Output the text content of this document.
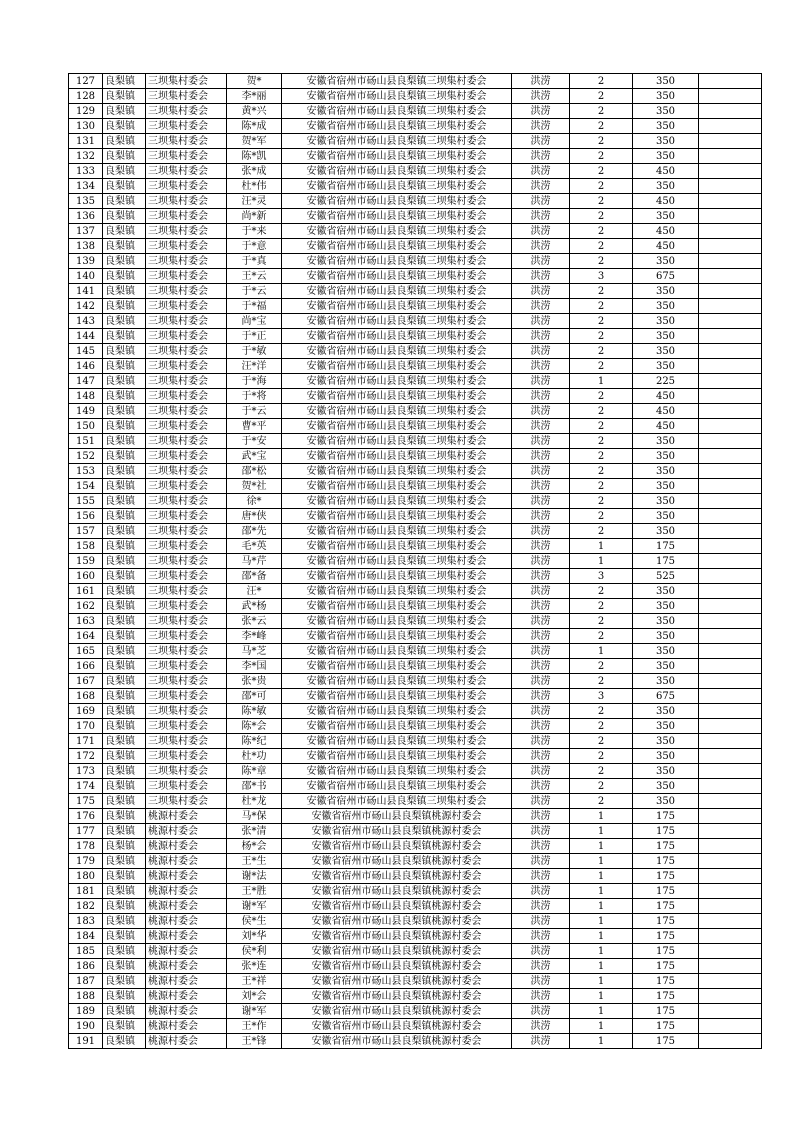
127	良梨镇	三坝集村委会	贺*	安徽省宿州市砀山县良梨镇三坝集村委会	洪涝	2	350	
128	良梨镇	三坝集村委会	李*丽	安徽省宿州市砀山县良梨镇三坝集村委会	洪涝	2	350	
129	良梨镇	三坝集村委会	黄*兴	安徽省宿州市砀山县良梨镇三坝集村委会	洪涝	2	350	
130	良梨镇	三坝集村委会	陈*成	安徽省宿州市砀山县良梨镇三坝集村委会	洪涝	2	350	
131	良梨镇	三坝集村委会	贺*军	安徽省宿州市砀山县良梨镇三坝集村委会	洪涝	2	350	
132	良梨镇	三坝集村委会	陈*凯	安徽省宿州市砀山县良梨镇三坝集村委会	洪涝	2	350	
133	良梨镇	三坝集村委会	张*成	安徽省宿州市砀山县良梨镇三坝集村委会	洪涝	2	450	
134	良梨镇	三坝集村委会	杜*伟	安徽省宿州市砀山县良梨镇三坝集村委会	洪涝	2	350	
135	良梨镇	三坝集村委会	汪*灵	安徽省宿州市砀山县良梨镇三坝集村委会	洪涝	2	450	
136	良梨镇	三坝集村委会	尚*新	安徽省宿州市砀山县良梨镇三坝集村委会	洪涝	2	350	
137	良梨镇	三坝集村委会	于*来	安徽省宿州市砀山县良梨镇三坝集村委会	洪涝	2	450	
138	良梨镇	三坝集村委会	于*意	安徽省宿州市砀山县良梨镇三坝集村委会	洪涝	2	450	
139	良梨镇	三坝集村委会	于*真	安徽省宿州市砀山县良梨镇三坝集村委会	洪涝	2	350	
140	良梨镇	三坝集村委会	王*云	安徽省宿州市砀山县良梨镇三坝集村委会	洪涝	3	675	
141	良梨镇	三坝集村委会	于*云	安徽省宿州市砀山县良梨镇三坝集村委会	洪涝	2	350	
142	良梨镇	三坝集村委会	于*福	安徽省宿州市砀山县良梨镇三坝集村委会	洪涝	2	350	
143	良梨镇	三坝集村委会	尚*宝	安徽省宿州市砀山县良梨镇三坝集村委会	洪涝	2	350	
144	良梨镇	三坝集村委会	于*正	安徽省宿州市砀山县良梨镇三坝集村委会	洪涝	2	350	
145	良梨镇	三坝集村委会	于*敏	安徽省宿州市砀山县良梨镇三坝集村委会	洪涝	2	350	
146	良梨镇	三坝集村委会	汪*洋	安徽省宿州市砀山县良梨镇三坝集村委会	洪涝	2	350	
147	良梨镇	三坝集村委会	于*海	安徽省宿州市砀山县良梨镇三坝集村委会	洪涝	1	225	
148	良梨镇	三坝集村委会	于*将	安徽省宿州市砀山县良梨镇三坝集村委会	洪涝	2	450	
149	良梨镇	三坝集村委会	于*云	安徽省宿州市砀山县良梨镇三坝集村委会	洪涝	2	450	
150	良梨镇	三坝集村委会	曹*平	安徽省宿州市砀山县良梨镇三坝集村委会	洪涝	2	450	
151	良梨镇	三坝集村委会	于*安	安徽省宿州市砀山县良梨镇三坝集村委会	洪涝	2	350	
152	良梨镇	三坝集村委会	武*宝	安徽省宿州市砀山县良梨镇三坝集村委会	洪涝	2	350	
153	良梨镇	三坝集村委会	邵*松	安徽省宿州市砀山县良梨镇三坝集村委会	洪涝	2	350	
154	良梨镇	三坝集村委会	贺*社	安徽省宿州市砀山县良梨镇三坝集村委会	洪涝	2	350	
155	良梨镇	三坝集村委会	徐*	安徽省宿州市砀山县良梨镇三坝集村委会	洪涝	2	350	
156	良梨镇	三坝集村委会	唐*侠	安徽省宿州市砀山县良梨镇三坝集村委会	洪涝	2	350	
157	良梨镇	三坝集村委会	邵*先	安徽省宿州市砀山县良梨镇三坝集村委会	洪涝	2	350	
158	良梨镇	三坝集村委会	毛*英	安徽省宿州市砀山县良梨镇三坝集村委会	洪涝	1	175	
159	良梨镇	三坝集村委会	马*芹	安徽省宿州市砀山县良梨镇三坝集村委会	洪涝	1	175	
160	良梨镇	三坝集村委会	邵*备	安徽省宿州市砀山县良梨镇三坝集村委会	洪涝	3	525	
161	良梨镇	三坝集村委会	汪*	安徽省宿州市砀山县良梨镇三坝集村委会	洪涝	2	350	
162	良梨镇	三坝集村委会	武*杨	安徽省宿州市砀山县良梨镇三坝集村委会	洪涝	2	350	
163	良梨镇	三坝集村委会	张*云	安徽省宿州市砀山县良梨镇三坝集村委会	洪涝	2	350	
164	良梨镇	三坝集村委会	李*峰	安徽省宿州市砀山县良梨镇三坝集村委会	洪涝	2	350	
165	良梨镇	三坝集村委会	马*芝	安徽省宿州市砀山县良梨镇三坝集村委会	洪涝	1	350	
166	良梨镇	三坝集村委会	李*国	安徽省宿州市砀山县良梨镇三坝集村委会	洪涝	2	350	
167	良梨镇	三坝集村委会	张*贵	安徽省宿州市砀山县良梨镇三坝集村委会	洪涝	2	350	
168	良梨镇	三坝集村委会	邵*可	安徽省宿州市砀山县良梨镇三坝集村委会	洪涝	3	675	
169	良梨镇	三坝集村委会	陈*敏	安徽省宿州市砀山县良梨镇三坝集村委会	洪涝	2	350	
170	良梨镇	三坝集村委会	陈*会	安徽省宿州市砀山县良梨镇三坝集村委会	洪涝	2	350	
171	良梨镇	三坝集村委会	陈*纪	安徽省宿州市砀山县良梨镇三坝集村委会	洪涝	2	350	
172	良梨镇	三坝集村委会	杜*功	安徽省宿州市砀山县良梨镇三坝集村委会	洪涝	2	350	
173	良梨镇	三坝集村委会	陈*章	安徽省宿州市砀山县良梨镇三坝集村委会	洪涝	2	350	
174	良梨镇	三坝集村委会	邵*书	安徽省宿州市砀山县良梨镇三坝集村委会	洪涝	2	350	
175	良梨镇	三坝集村委会	杜*龙	安徽省宿州市砀山县良梨镇三坝集村委会	洪涝	2	350	
176	良梨镇	桃源村委会	马*保	安徽省宿州市砀山县良梨镇桃源村委会	洪涝	1	175	
177	良梨镇	桃源村委会	张*清	安徽省宿州市砀山县良梨镇桃源村委会	洪涝	1	175	
178	良梨镇	桃源村委会	杨*会	安徽省宿州市砀山县良梨镇桃源村委会	洪涝	1	175	
179	良梨镇	桃源村委会	王*生	安徽省宿州市砀山县良梨镇桃源村委会	洪涝	1	175	
180	良梨镇	桃源村委会	谢*法	安徽省宿州市砀山县良梨镇桃源村委会	洪涝	1	175	
181	良梨镇	桃源村委会	王*胜	安徽省宿州市砀山县良梨镇桃源村委会	洪涝	1	175	
182	良梨镇	桃源村委会	谢*军	安徽省宿州市砀山县良梨镇桃源村委会	洪涝	1	175	
183	良梨镇	桃源村委会	侯*生	安徽省宿州市砀山县良梨镇桃源村委会	洪涝	1	175	
184	良梨镇	桃源村委会	刘*华	安徽省宿州市砀山县良梨镇桃源村委会	洪涝	1	175	
185	良梨镇	桃源村委会	侯*利	安徽省宿州市砀山县良梨镇桃源村委会	洪涝	1	175	
186	良梨镇	桃源村委会	张*连	安徽省宿州市砀山县良梨镇桃源村委会	洪涝	1	175	
187	良梨镇	桃源村委会	王*祥	安徽省宿州市砀山县良梨镇桃源村委会	洪涝	1	175	
188	良梨镇	桃源村委会	刘*会	安徽省宿州市砀山县良梨镇桃源村委会	洪涝	1	175	
189	良梨镇	桃源村委会	谢*军	安徽省宿州市砀山县良梨镇桃源村委会	洪涝	1	175	
190	良梨镇	桃源村委会	王*作	安徽省宿州市砀山县良梨镇桃源村委会	洪涝	1	175	
191	良梨镇	桃源村委会	王*锋	安徽省宿州市砀山县良梨镇桃源村委会	洪涝	1	175	
